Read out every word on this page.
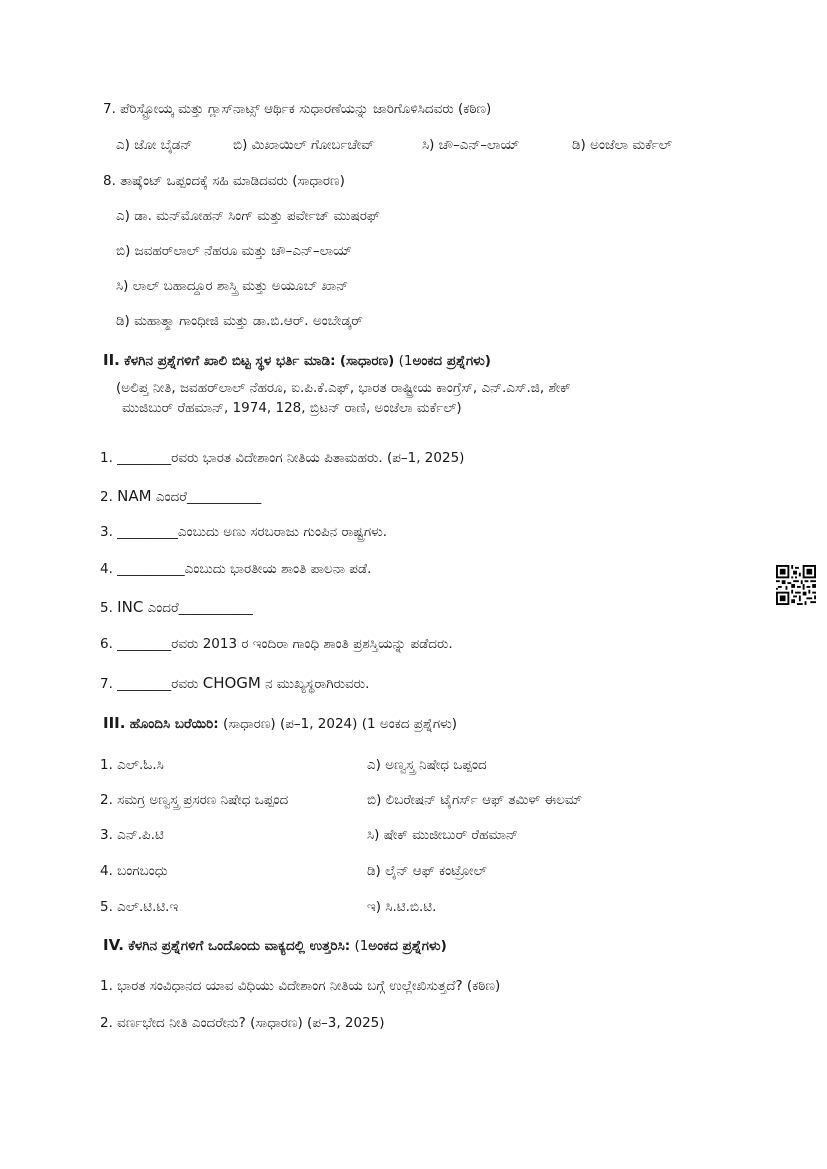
7. ಪೆರಿಸ್ಟ್ರೋಯ್ಕ ಮತ್ತು ಗ್ಲಾಸ್‌ನಾಟ್ಸ್ ಆರ್ಥಿಕ ಸುಧಾರಣೆಯನ್ನು ಜಾರಿಗೊಳಿಸಿದವರು (ಕಠಿಣ)
ಎ) ಜೋ ಬೈಡನ್	ಬಿ) ಮಿಖಾಯಿಲ್ ಗೋರ್ಬಚೇವ್	ಸಿ) ಚೌ–ಎನ್–ಲಾಯ್	ಡಿ) ಅಂಜೆಲಾ ಮರ್ಕೆಲ್
8. ತಾಷ್ಕೆಂಟ್ ಒಪ್ಪಂದಕ್ಕೆ ಸಹಿ ಮಾಡಿದವರು (ಸಾಧಾರಣ)
ಎ) ಡಾ. ಮನ್‌ಮೋಹನ್ ಸಿಂಗ್ ಮತ್ತು ಪರ್ವೇಜ್ ಮುಷರಫ್
ಬಿ) ಜವಹರ್‌ಲಾಲ್ ನೆಹರೂ ಮತ್ತು ಚೌ–ಎನ್–ಲಾಯ್
ಸಿ) ಲಾಲ್ ಬಹಾದ್ದೂರ ಶಾಸ್ತ್ರಿ ಮತ್ತು ಅಯೂಬ್ ಖಾನ್
ಡಿ) ಮಹಾತ್ಮಾ ಗಾಂಧೀಜಿ ಮತ್ತು ಡಾ.ಬಿ.ಆರ್. ಅಂಬೇಡ್ಕರ್
II. ಕೆಳಗಿನ ಪ್ರಶ್ನೆಗಳಿಗೆ ಖಾಲಿ ಬಿಟ್ಟ ಸ್ಥಳ ಭರ್ತಿ ಮಾಡಿ: (ಸಾಧಾರಣ) (1ಅಂಕದ ಪ್ರಶ್ನೆಗಳು)
(ಅಲಿಪ್ತ ನೀತಿ, ಜವಹರ್‌ಲಾಲ್ ನೆಹರೂ, ಐ.ಪಿ.ಕೆ.ಎಫ್, ಭಾರತ ರಾಷ್ಟ್ರೀಯ ಕಾಂಗ್ರೆಸ್, ಎನ್.ಎಸ್.ಜಿ, ಶೇಕ್
ಮುಜಿಬುರ್ ರೆಹಮಾನ್, 1974, 128, ಬ್ರಿಟನ್ ರಾಣಿ, ಅಂಜೆಲಾ ಮರ್ಕೆಲ್)
1. ________ರವರು ಭಾರತ ವಿದೇಶಾಂಗ ನೀತಿಯ ಪಿತಾಮಹರು. (ಪ–1, 2025)
2. NAM ಎಂದರೆ___________
3. _________ಎಂಬುದು ಅಣು ಸರಬರಾಜು ಗುಂಪಿನ ರಾಷ್ಟ್ರಗಳು.
4. __________ಎಂಬುದು ಭಾರತೀಯ ಶಾಂತಿ ಪಾಲನಾ ಪಡೆ.
5. INC ಎಂದರೆ___________
6. ________ರವರು 2013 ರ ಇಂದಿರಾ ಗಾಂಧಿ ಶಾಂತಿ ಪ್ರಶಸ್ತಿಯನ್ನು ಪಡೆದರು.
7. ________ರವರು CHOGM ನ ಮುಖ್ಯಸ್ಥರಾಗಿರುವರು.
III. ಹೊಂದಿಸಿ ಬರೆಯಿರಿ: (ಸಾಧಾರಣ) (ಪ–1, 2024) (1 ಅಂಕದ ಪ್ರಶ್ನೆಗಳು)
1. ಎಲ್.ಓ.ಸಿ	ಎ) ಅಣ್ವಸ್ತ್ರ ನಿಷೇಧ ಒಪ್ಪಂದ
2. ಸಮಗ್ರ ಅಣ್ವಸ್ತ್ರ ಪ್ರಸರಣ ನಿಷೇಧ ಒಪ್ಪಂದ	ಬಿ) ಲಿಬರೇಷನ್ ಟೈಗರ್ಸ್ ಆಫ್ ತಮಿಳ್ ಈಲಮ್
3. ಎನ್.ಪಿ.ಟಿ	ಸಿ) ಷೇಕ್ ಮುಜೀಬುರ್ ರೆಹಮಾನ್
4. ಬಂಗಬಂಧು	ಡಿ) ಲೈನ್ ಆಫ್ ಕಂಟ್ರೋಲ್
5. ಎಲ್.ಟಿ.ಟಿ.ಇ	ಇ) ಸಿ.ಟಿ.ಬಿ.ಟಿ.
IV. ಕೆಳಗಿನ ಪ್ರಶ್ನೆಗಳಿಗೆ ಒಂದೊಂದು ವಾಕ್ಯದಲ್ಲಿ ಉತ್ತರಿಸಿ: (1ಅಂಕದ ಪ್ರಶ್ನೆಗಳು)
1. ಭಾರತ ಸಂವಿಧಾನದ ಯಾವ ವಿಧಿಯು ವಿದೇಶಾಂಗ ನೀತಿಯ ಬಗ್ಗೆ ಉಲ್ಲೇಖಿಸುತ್ತದೆ? (ಕಠಿಣ)
2. ವರ್ಣಭೇದ ನೀತಿ ಎಂದರೇನು? (ಸಾಧಾರಣ) (ಪ–3, 2025)
